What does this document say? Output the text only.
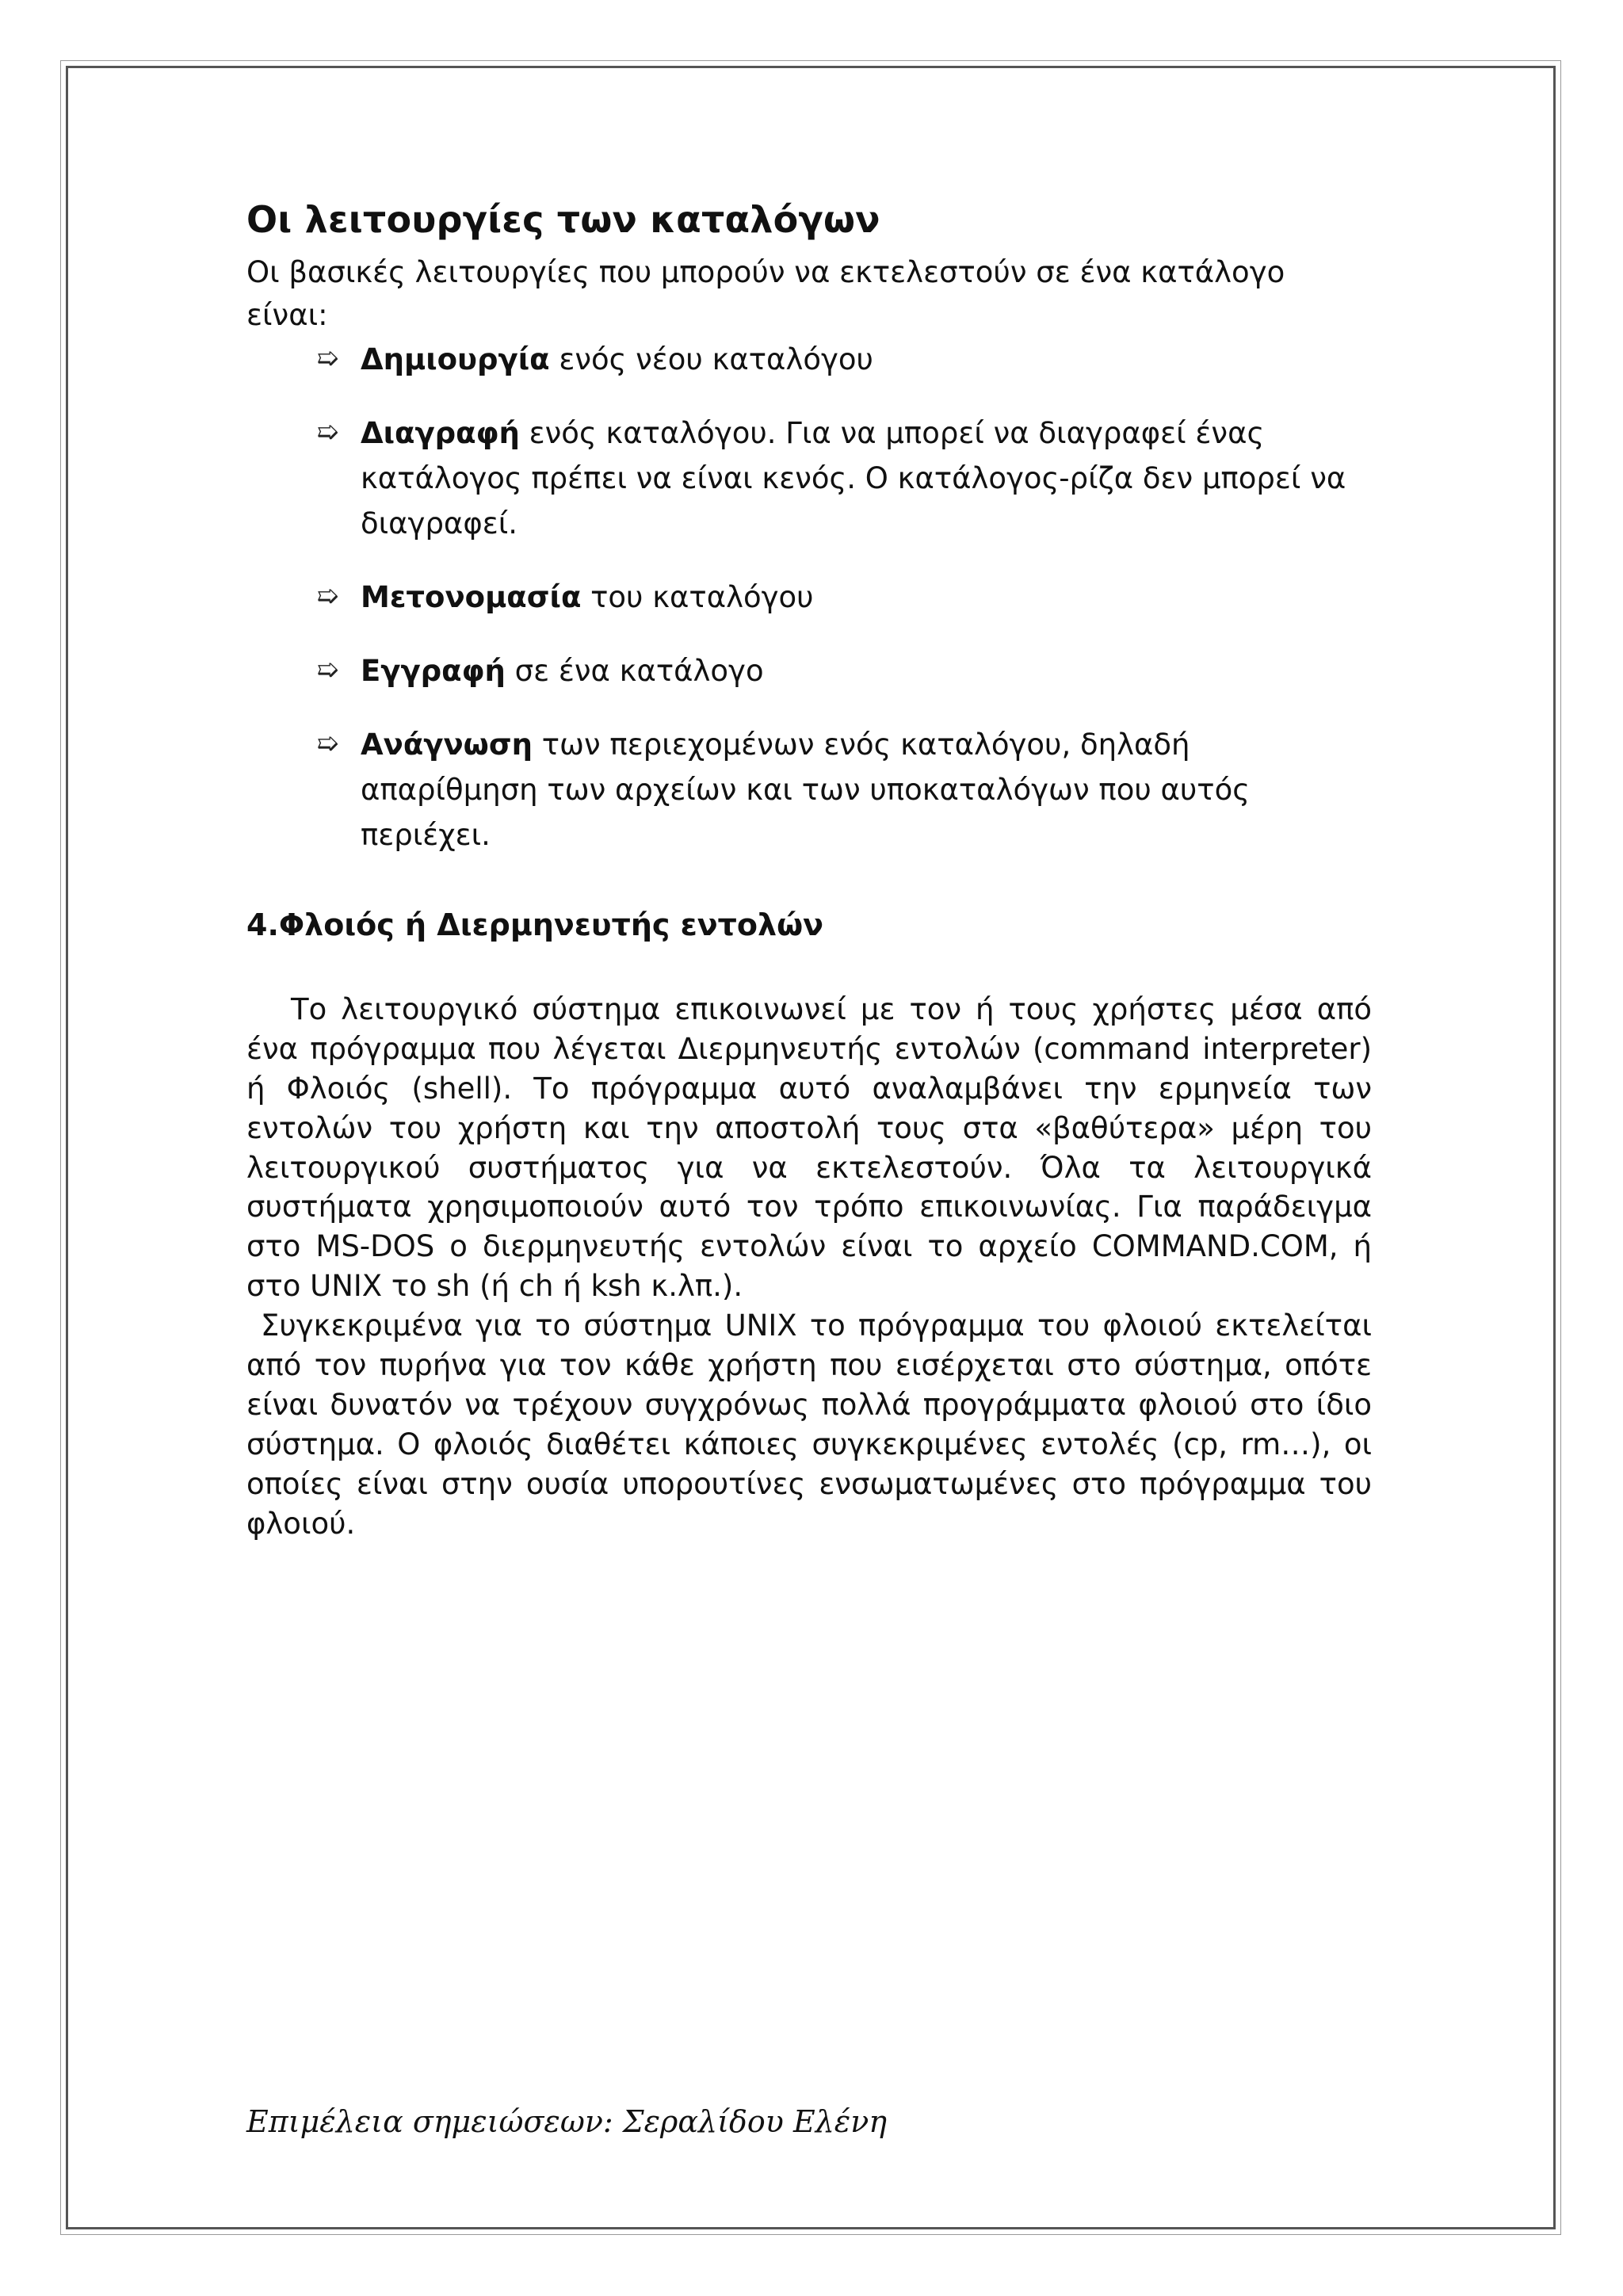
Οι λειτουργίες των καταλόγων

Οι βασικές λειτουργίες που μπορούν να εκτελεστούν σε ένα κατάλογο είναι:

➯ Δημιουργία ενός νέου καταλόγου
➯ Διαγραφή ενός καταλόγου. Για να μπορεί να διαγραφεί ένας κατάλογος πρέπει να είναι κενός. Ο κατάλογος-ρίζα δεν μπορεί να διαγραφεί.
➯ Μετονομασία του καταλόγου
➯ Εγγραφή σε ένα κατάλογο
➯ Ανάγνωση των περιεχομένων ενός καταλόγου, δηλαδή απαρίθμηση των αρχείων και των υποκαταλόγων που αυτός περιέχει.
4.Φλοιός ή Διερμηνευτής εντολών

Το λειτουργικό σύστημα επικοινωνεί με τον ή τους χρήστες μέσα από ένα πρόγραμμα που λέγεται Διερμηνευτής εντολών (command interpreter) ή Φλοιός (shell). Το πρόγραμμα αυτό αναλαμβάνει την ερμηνεία των εντολών του χρήστη και την αποστολή τους στα «βαθύτερα» μέρη του λειτουργικού συστήματος για να εκτελεστούν. Όλα τα λειτουργικά συστήματα χρησιμοποιούν αυτό τον τρόπο επικοινωνίας. Για παράδειγμα στο MS-DOS ο διερμηνευτής εντολών είναι το αρχείο COMMAND.COM, ή στο UNIX το sh (ή ch ή ksh κ.λπ.).

Συγκεκριμένα για το σύστημα UNIX το πρόγραμμα του φλοιού εκτελείται από τον πυρήνα για τον κάθε χρήστη που εισέρχεται στο σύστημα, οπότε είναι δυνατόν να τρέχουν συγχρόνως πολλά προγράμματα φλοιού στο ίδιο σύστημα. Ο φλοιός διαθέτει κάποιες συγκεκριμένες εντολές (cp, rm…), οι οποίες είναι στην ουσία υπορουτίνες ενσωματωμένες στο πρόγραμμα του φλοιού.

Επιμέλεια σημειώσεων: Σεραλίδου Ελένη
